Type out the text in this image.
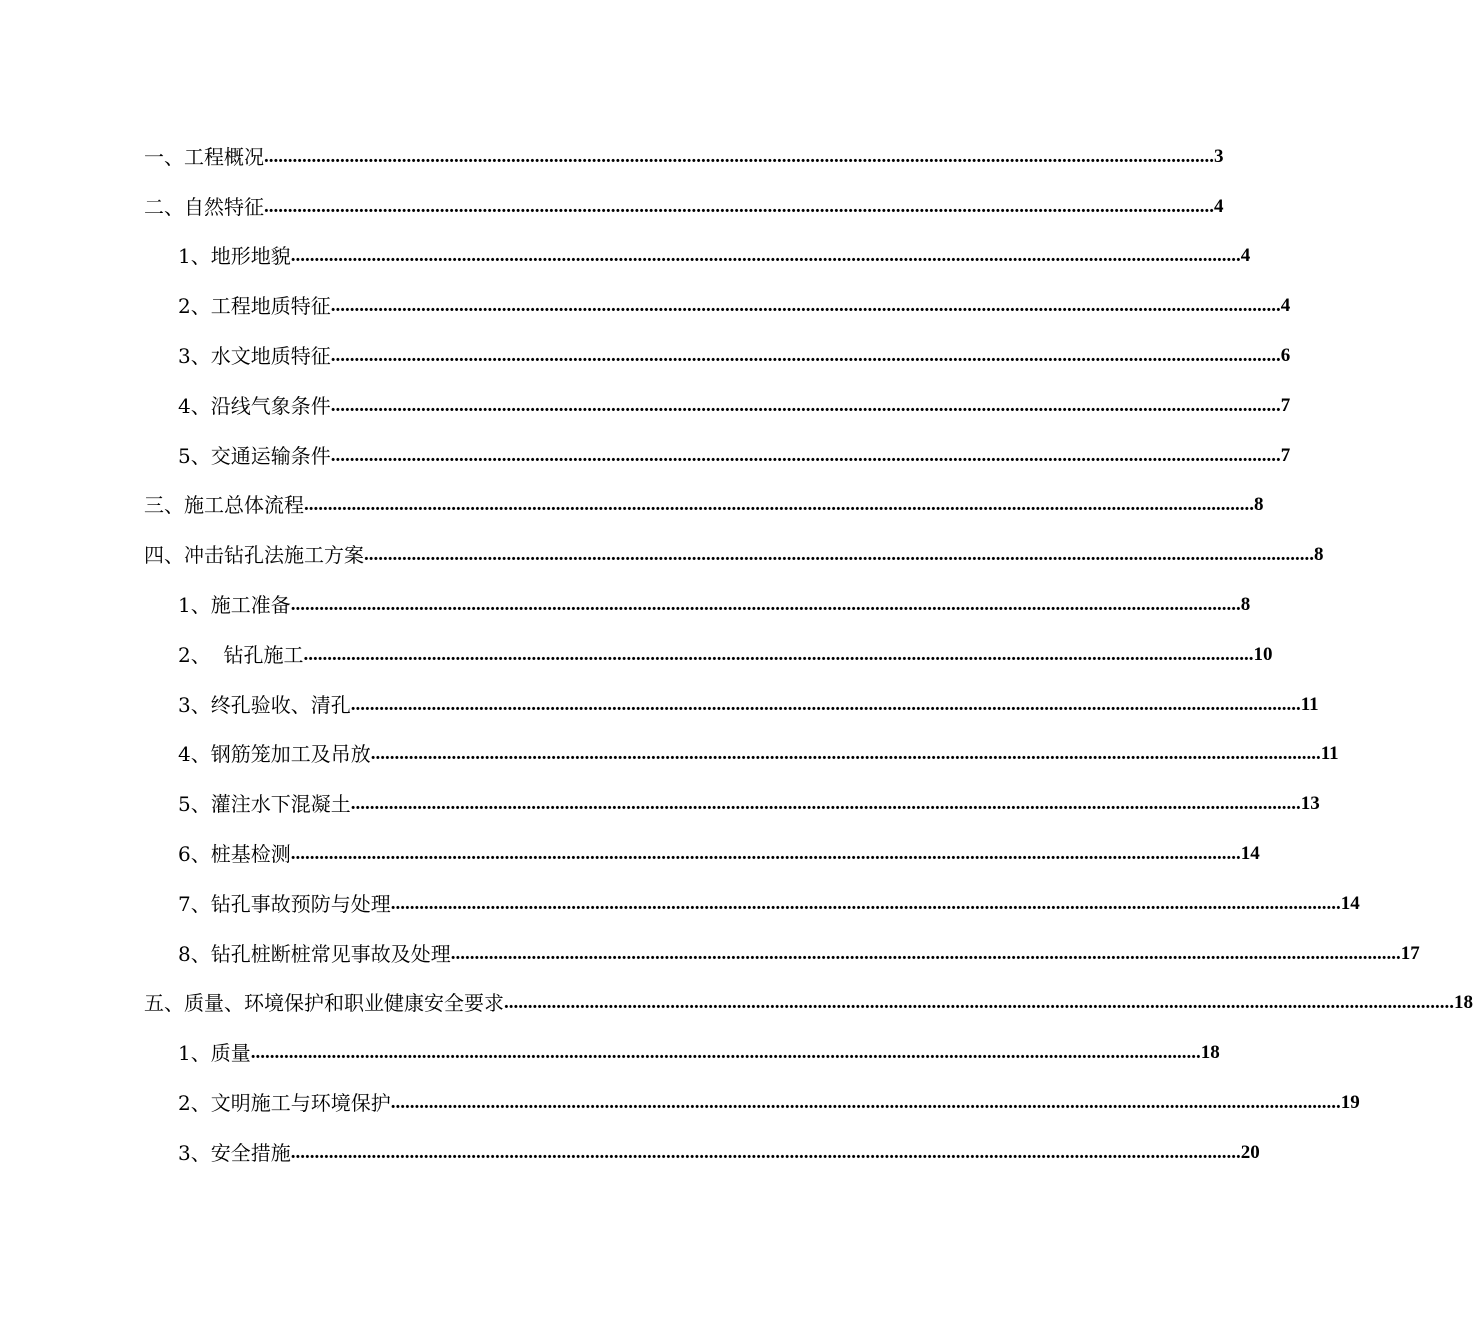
一、工程概况 ........................................................................................................................................................................................................ 3
二、自然特征 ........................................................................................................................................................................................................ 4
1、地形地貌 ........................................................................................................................................................................................................ 4
2、工程地质特征 ........................................................................................................................................................................................................ 4
3、水文地质特征 ........................................................................................................................................................................................................ 6
4、沿线气象条件 ........................................................................................................................................................................................................ 7
5、交通运输条件 ........................................................................................................................................................................................................ 7
三、施工总体流程 ........................................................................................................................................................................................................ 8
四、冲击钻孔法施工方案 ........................................................................................................................................................................................................ 8
1、施工准备 ........................................................................................................................................................................................................ 8
2、  钻孔施工 ........................................................................................................................................................................................................ 10
3、终孔验收、清孔 ........................................................................................................................................................................................................ 11
4、钢筋笼加工及吊放 ........................................................................................................................................................................................................ 11
5、灌注水下混凝土 ........................................................................................................................................................................................................ 13
6、桩基检测 ........................................................................................................................................................................................................ 14
7、钻孔事故预防与处理 ........................................................................................................................................................................................................ 14
8、钻孔桩断桩常见事故及处理 ........................................................................................................................................................................................................ 17
五、质量、环境保护和职业健康安全要求 ........................................................................................................................................................................................................ 18
1、质量 ........................................................................................................................................................................................................ 18
2、文明施工与环境保护 ........................................................................................................................................................................................................ 19
3、安全措施 ........................................................................................................................................................................................................ 20
